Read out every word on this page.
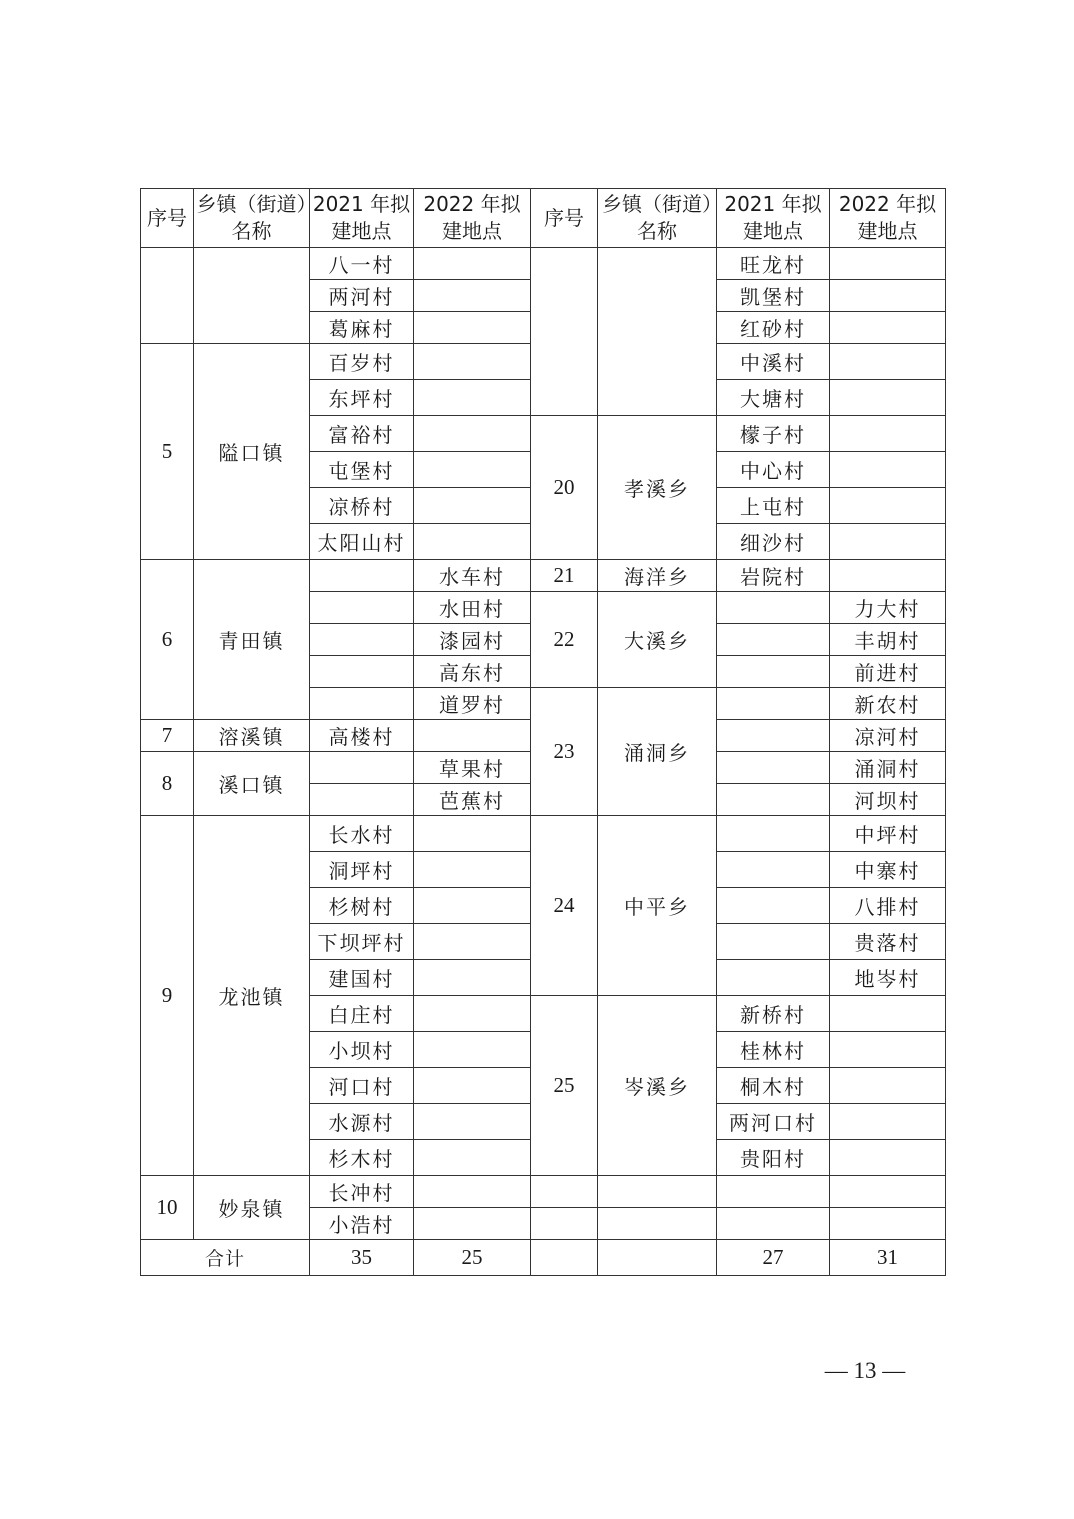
序号	乡镇（街道）名称	2021 年拟建地点	2022 年拟建地点	序号	乡镇（街道）名称	2021 年拟建地点	2022 年拟建地点
		八一村				旺龙村	
		两河村				凯堡村	
		葛麻村				红砂村	
5	隘口镇	百岁村				中溪村	
		东坪村				大塘村	
		富裕村		20	孝溪乡	檬子村	
		屯堡村				中心村	
		凉桥村				上屯村	
		太阳山村				细沙村	
6	青田镇		水车村	21	海洋乡	岩院村	
			水田村	22	大溪乡		力大村
			漆园村				丰胡村
			高东村				前进村
			道罗村	23	涌洞乡		新农村
7	溶溪镇	高楼村					凉河村
8	溪口镇		草果村				涌洞村
			芭蕉村				河坝村
9	龙池镇	长水村		24	中平乡		中坪村
		洞坪村					中寨村
		杉树村					八排村
		下坝坪村					贵落村
		建国村					地岑村
		白庄村		25	岑溪乡	新桥村	
		小坝村				桂林村	
		河口村				桐木村	
		水源村				两河口村	
		杉木村				贵阳村	
10	妙泉镇	长冲村					
		小浩村					
合计		35	25			27	31
— 13 —
